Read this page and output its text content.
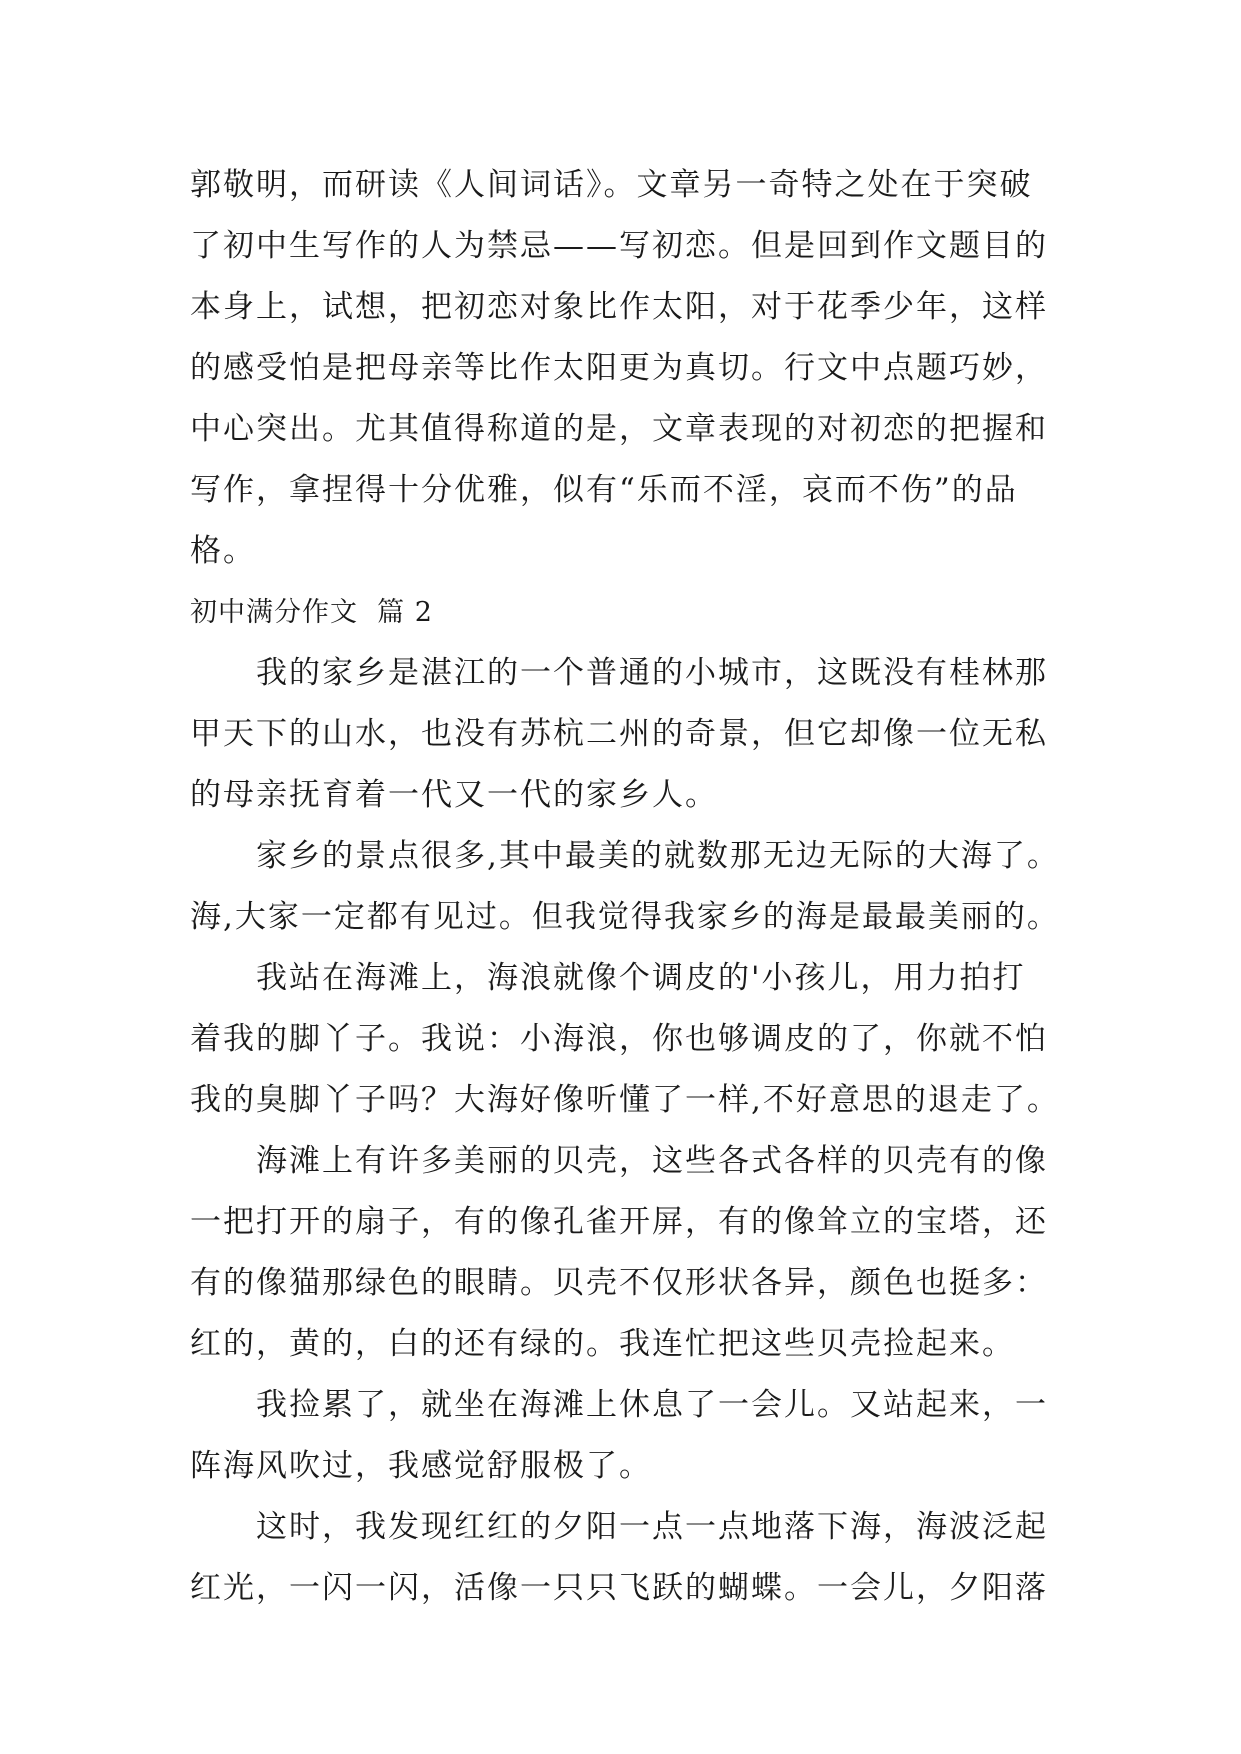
郭敬明，而研读《人间词话》。文章另一奇特之处在于突破
了初中生写作的人为禁忌——写初恋。但是回到作文题目的
本身上，试想，把初恋对象比作太阳，对于花季少年，这样
的感受怕是把母亲等比作太阳更为真切。行文中点题巧妙，
中心突出。尤其值得称道的是，文章表现的对初恋的把握和
写作，拿捏得十分优雅，似有“乐而不淫，哀而不伤”的品
格。
初中满分作文  篇 2
我的家乡是湛江的一个普通的小城市，这既没有桂林那
甲天下的山水，也没有苏杭二州的奇景，但它却像一位无私
的母亲抚育着一代又一代的家乡人。
家乡的景点很多,其中最美的就数那无边无际的大海了。
海,大家一定都有见过。但我觉得我家乡的海是最最美丽的。
我站在海滩上，海浪就像个调皮的'小孩儿，用力拍打
着我的脚丫子。我说：小海浪，你也够调皮的了，你就不怕
我的臭脚丫子吗？大海好像听懂了一样,不好意思的退走了。
海滩上有许多美丽的贝壳，这些各式各样的贝壳有的像
一把打开的扇子，有的像孔雀开屏，有的像耸立的宝塔，还
有的像猫那绿色的眼睛。贝壳不仅形状各异，颜色也挺多：
红的，黄的，白的还有绿的。我连忙把这些贝壳捡起来。
我捡累了，就坐在海滩上休息了一会儿。又站起来，一
阵海风吹过，我感觉舒服极了。
这时，我发现红红的夕阳一点一点地落下海，海波泛起
红光，一闪一闪，活像一只只飞跃的蝴蝶。一会儿，夕阳落
